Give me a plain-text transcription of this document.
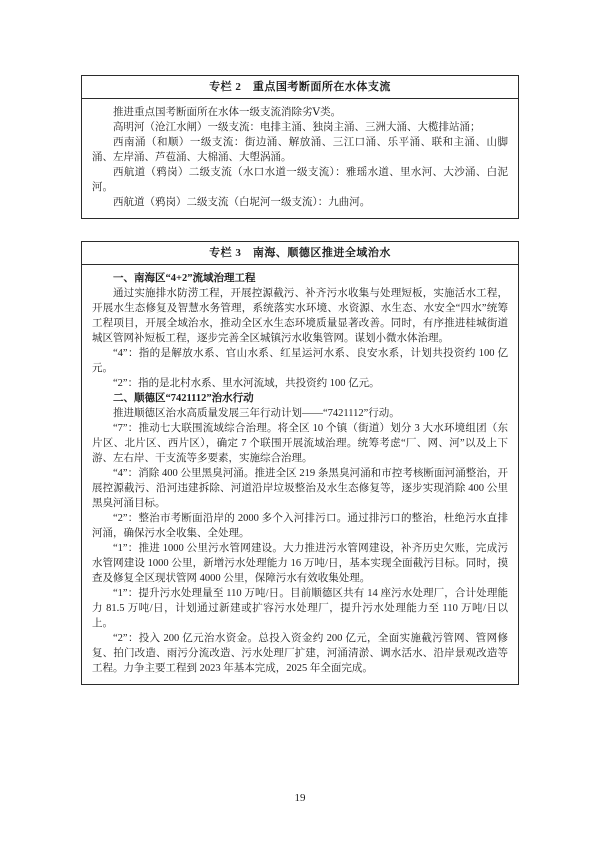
专栏 2　重点国考断面所在水体支流

推进重点国考断面所在水体一级支流消除劣Ⅴ类。

高明河（沧江水闸）一级支流：电排主涌、独岗主涌、三洲大涌、大榄排站涌；

西南涌（和顺）一级支流：街边涌、解放涌、三江口涌、乐平涌、联和主涌、山脚涌、左岸涌、芦苞涌、大棉涌、大塱涡涌。

西航道（鸦岗）二级支流（水口水道一级支流）：雅瑶水道、里水河、大沙涌、白泥河。

西航道（鸦岗）二级支流（白坭河一级支流）：九曲河。

专栏 3　南海、顺德区推进全域治水

一、南海区“4+2”流域治理工程

通过实施排水防涝工程，开展控源截污、补齐污水收集与处理短板，实施活水工程，开展水生态修复及智慧水务管理，系统落实水环境、水资源、水生态、水安全“四水”统筹工程项目，开展全域治水，推动全区水生态环境质量显著改善。同时，有序推进桂城街道城区管网补短板工程，逐步完善全区城镇污水收集管网。谋划小微水体治理。

“4”：指的是解放水系、官山水系、红星运河水系、良安水系，计划共投资约 100 亿元。

“2”：指的是北村水系、里水河流域，共投资约 100 亿元。

二、顺德区“7421112”治水行动

推进顺德区治水高质量发展三年行动计划——“7421112”行动。

“7”：推动七大联围流域综合治理。将全区 10 个镇（街道）划分 3 大水环境组团（东片区、北片区、西片区），确定 7 个联围开展流域治理。统筹考虑“厂、网、河”以及上下游、左右岸、干支流等多要素，实施综合治理。

“4”：消除 400 公里黑臭河涌。推进全区 219 条黑臭河涌和市控考核断面河涌整治，开展控源截污、沿河违建拆除、河道沿岸垃圾整治及水生态修复等，逐步实现消除 400 公里黑臭河涌目标。

“2”：整治市考断面沿岸的 2000 多个入河排污口。通过排污口的整治，杜绝污水直排河涌，确保污水全收集、全处理。

“1”：推进 1000 公里污水管网建设。大力推进污水管网建设，补齐历史欠账，完成污水管网建设 1000 公里，新增污水处理能力 16 万吨/日，基本实现全面截污目标。同时，摸查及修复全区现状管网 4000 公里，保障污水有效收集处理。

“1”：提升污水处理量至 110 万吨/日。目前顺德区共有 14 座污水处理厂，合计处理能力 81.5 万吨/日，计划通过新建或扩容污水处理厂，提升污水处理能力至 110 万吨/日以上。

“2”：投入 200 亿元治水资金。总投入资金约 200 亿元，全面实施截污管网、管网修复、拍门改造、雨污分流改造、污水处理厂扩建，河涌清淤、调水活水、沿岸景观改造等工程。力争主要工程到 2023 年基本完成，2025 年全面完成。

19
